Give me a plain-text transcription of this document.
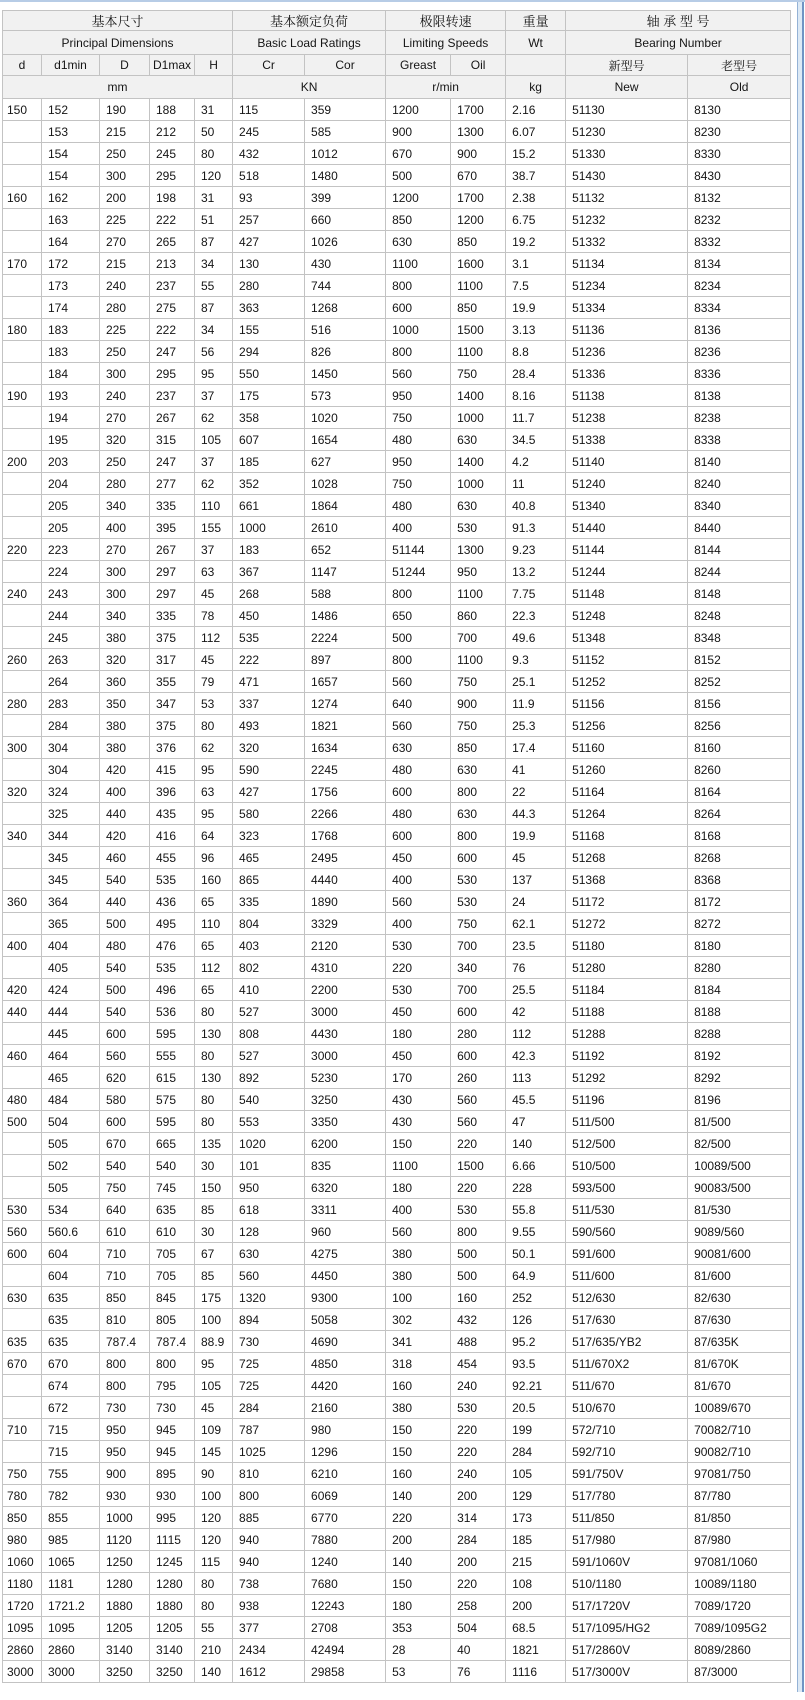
基本尺寸					基本额定负荷		极限转速		重量	轴 承 型 号	
Principal Dimensions					Basic Load Ratings		Limiting Speeds		Wt	Bearing Number	
d	d1min	D	D1max	H	Cr	Cor	Greast	Oil		新型号	老型号
mm					KN		r/min		kg	New	Old
150	152	190	188	31	115	359	1200	1700	2.16	51130	8130
	153	215	212	50	245	585	900	1300	6.07	51230	8230
	154	250	245	80	432	1012	670	900	15.2	51330	8330
	154	300	295	120	518	1480	500	670	38.7	51430	8430
160	162	200	198	31	93	399	1200	1700	2.38	51132	8132
	163	225	222	51	257	660	850	1200	6.75	51232	8232
	164	270	265	87	427	1026	630	850	19.2	51332	8332
170	172	215	213	34	130	430	1100	1600	3.1	51134	8134
	173	240	237	55	280	744	800	1100	7.5	51234	8234
	174	280	275	87	363	1268	600	850	19.9	51334	8334
180	183	225	222	34	155	516	1000	1500	3.13	51136	8136
	183	250	247	56	294	826	800	1100	8.8	51236	8236
	184	300	295	95	550	1450	560	750	28.4	51336	8336
190	193	240	237	37	175	573	950	1400	8.16	51138	8138
	194	270	267	62	358	1020	750	1000	11.7	51238	8238
	195	320	315	105	607	1654	480	630	34.5	51338	8338
200	203	250	247	37	185	627	950	1400	4.2	51140	8140
	204	280	277	62	352	1028	750	1000	11	51240	8240
	205	340	335	110	661	1864	480	630	40.8	51340	8340
	205	400	395	155	1000	2610	400	530	91.3	51440	8440
220	223	270	267	37	183	652	51144	1300	9.23	51144	8144
	224	300	297	63	367	1147	51244	950	13.2	51244	8244
240	243	300	297	45	268	588	800	1100	7.75	51148	8148
	244	340	335	78	450	1486	650	860	22.3	51248	8248
	245	380	375	112	535	2224	500	700	49.6	51348	8348
260	263	320	317	45	222	897	800	1100	9.3	51152	8152
	264	360	355	79	471	1657	560	750	25.1	51252	8252
280	283	350	347	53	337	1274	640	900	11.9	51156	8156
	284	380	375	80	493	1821	560	750	25.3	51256	8256
300	304	380	376	62	320	1634	630	850	17.4	51160	8160
	304	420	415	95	590	2245	480	630	41	51260	8260
320	324	400	396	63	427	1756	600	800	22	51164	8164
	325	440	435	95	580	2266	480	630	44.3	51264	8264
340	344	420	416	64	323	1768	600	800	19.9	51168	8168
	345	460	455	96	465	2495	450	600	45	51268	8268
	345	540	535	160	865	4440	400	530	137	51368	8368
360	364	440	436	65	335	1890	560	530	24	51172	8172
	365	500	495	110	804	3329	400	750	62.1	51272	8272
400	404	480	476	65	403	2120	530	700	23.5	51180	8180
	405	540	535	112	802	4310	220	340	76	51280	8280
420	424	500	496	65	410	2200	530	700	25.5	51184	8184
440	444	540	536	80	527	3000	450	600	42	51188	8188
	445	600	595	130	808	4430	180	280	112	51288	8288
460	464	560	555	80	527	3000	450	600	42.3	51192	8192
	465	620	615	130	892	5230	170	260	113	51292	8292
480	484	580	575	80	540	3250	430	560	45.5	51196	8196
500	504	600	595	80	553	3350	430	560	47	511/500	81/500
	505	670	665	135	1020	6200	150	220	140	512/500	82/500
	502	540	540	30	101	835	1100	1500	6.66	510/500	10089/500
	505	750	745	150	950	6320	180	220	228	593/500	90083/500
530	534	640	635	85	618	3311	400	530	55.8	511/530	81/530
560	560.6	610	610	30	128	960	560	800	9.55	590/560	9089/560
600	604	710	705	67	630	4275	380	500	50.1	591/600	90081/600
	604	710	705	85	560	4450	380	500	64.9	511/600	81/600
630	635	850	845	175	1320	9300	100	160	252	512/630	82/630
	635	810	805	100	894	5058	302	432	126	517/630	87/630
635	635	787.4	787.4	88.9	730	4690	341	488	95.2	517/635/YB2	87/635K
670	670	800	800	95	725	4850	318	454	93.5	511/670X2	81/670K
	674	800	795	105	725	4420	160	240	92.21	511/670	81/670
	672	730	730	45	284	2160	380	530	20.5	510/670	10089/670
710	715	950	945	109	787	980	150	220	199	572/710	70082/710
	715	950	945	145	1025	1296	150	220	284	592/710	90082/710
750	755	900	895	90	810	6210	160	240	105	591/750V	97081/750
780	782	930	930	100	800	6069	140	200	129	517/780	87/780
850	855	1000	995	120	885	6770	220	314	173	511/850	81/850
980	985	1120	1115	120	940	7880	200	284	185	517/980	87/980
1060	1065	1250	1245	115	940	1240	140	200	215	591/1060V	97081/1060
1180	1181	1280	1280	80	738	7680	150	220	108	510/1180	10089/1180
1720	1721.2	1880	1880	80	938	12243	180	258	200	517/1720V	7089/1720
1095	1095	1205	1205	55	377	2708	353	504	68.5	517/1095/HG2	7089/1095G2
2860	2860	3140	3140	210	2434	42494	28	40	1821	517/2860V	8089/2860
3000	3000	3250	3250	140	1612	29858	53	76	1116	517/3000V	87/3000
